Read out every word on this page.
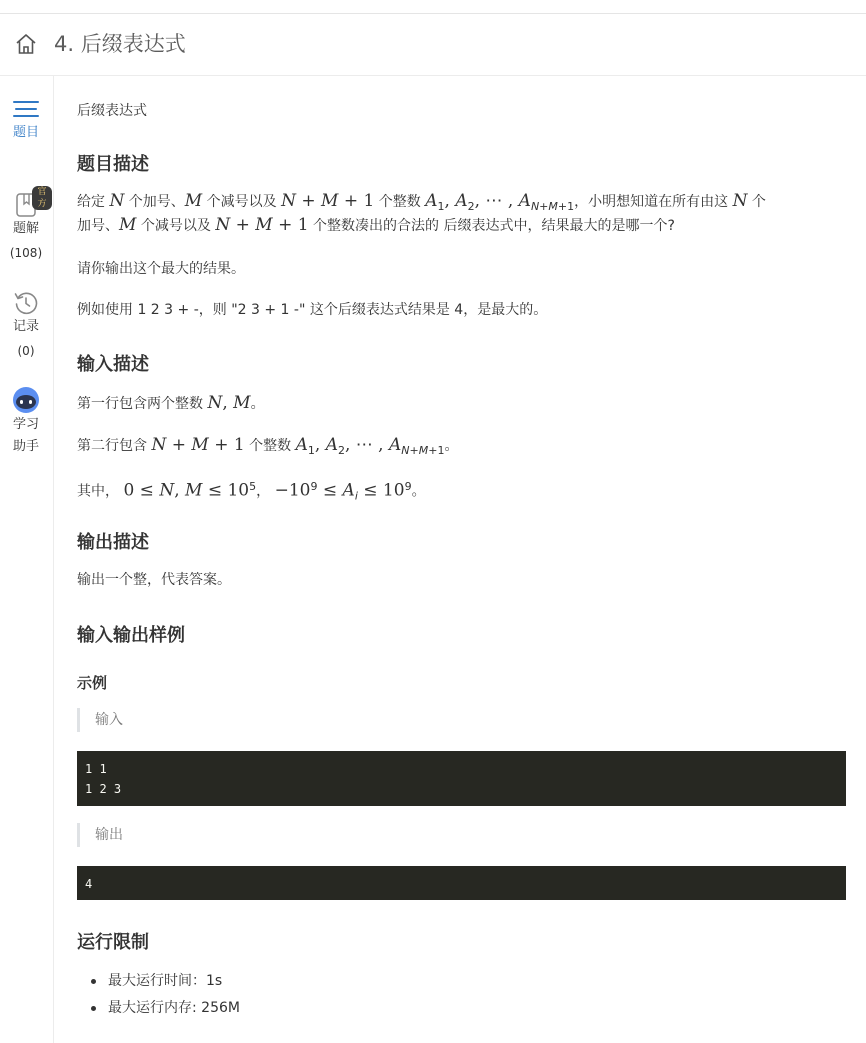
4. 后缀表达式
题目
官方
题解
(108)
记录
(0)
学习
助手
后缀表达式
题目描述
给定 N 个加号、M 个减号以及 N + M + 1 个整数 $A_1$, $A_2$, ⋯ , $A_{N+M+1}$，小明想知道在所有由这 N 个
加号、M 个减号以及 N + M + 1 个整数凑出的合法的 后缀表达式中，结果最大的是哪一个?
请你输出这个最大的结果。
例如使用 1 2 3 + -，则 "2 3 + 1 -" 这个后缀表达式结果是 4，是最大的。
输入描述
第一行包含两个整数 N, M。
第二行包含 N + M + 1 个整数 $A_1$, $A_2$, ⋯ , $A_{N+M+1}$。
其中， 0 ≤ N, $M \le 10^5$， $-10^9 \le A_i \le 10^9$。
输出描述
输出一个整，代表答案。
输入输出样例
示例
输入
1 1
1 2 3
输出
4
运行限制
最大运行时间：1s
最大运行内存: 256M
